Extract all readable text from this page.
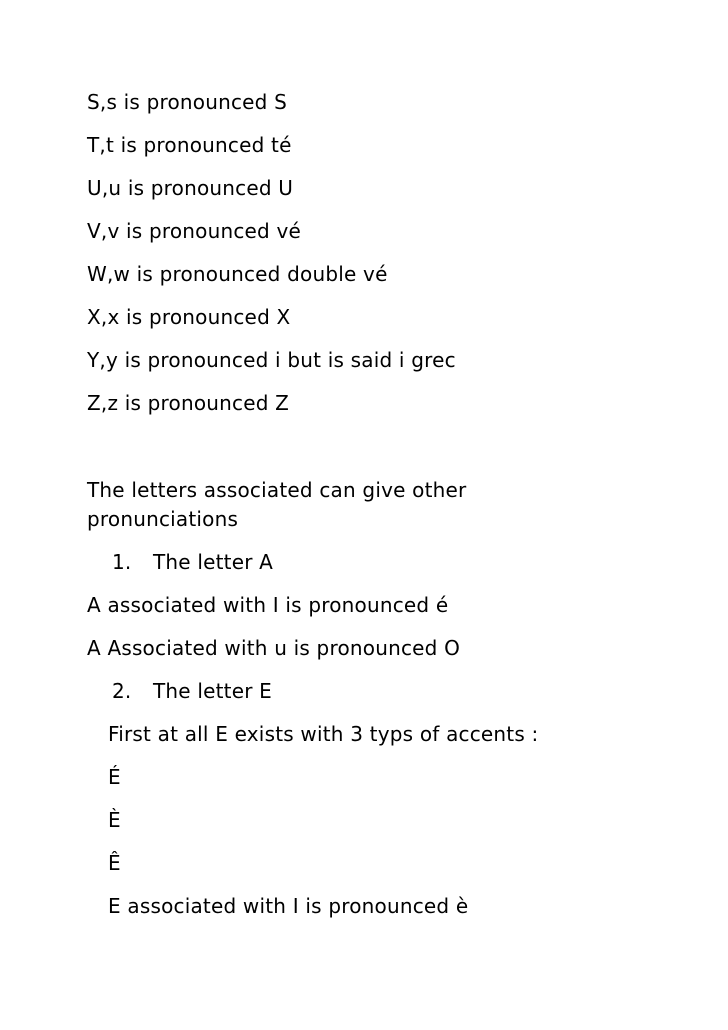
S,s is pronounced S
T,t is pronounced té
U,u is pronounced U
V,v is pronounced vé
W,w is pronounced double vé
X,x is pronounced X
Y,y is pronounced i but is said i grec
Z,z is pronounced Z
The letters associated can give other
pronunciations
1. The letter A
A associated with I is pronounced é
A Associated with u is pronounced O
2. The letter E
First at all E exists with 3 typs of accents :
É
È
Ê
E associated with I is pronounced è
